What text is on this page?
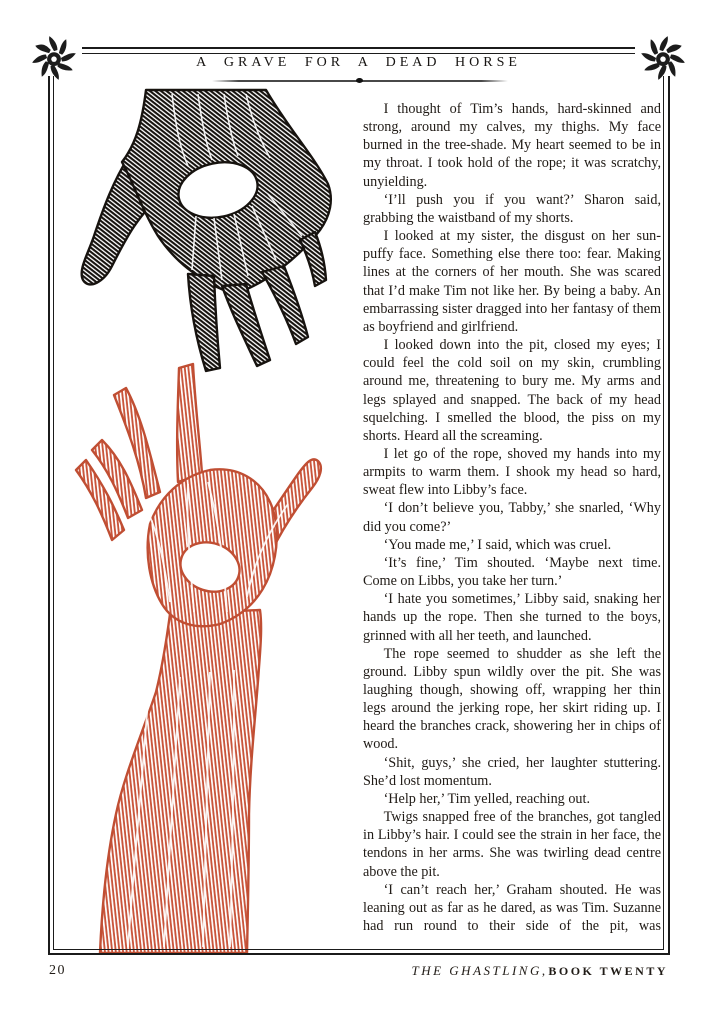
A GRAVE FOR A DEAD HORSE

I thought of Tim’s hands, hard-skinned and strong, around my calves, my thighs. My face burned in the tree-shade. My heart seemed to be in my throat. I took hold of the rope; it was scratchy, unyielding.

‘I’ll push you if you want?’ Sharon said, grabbing the waistband of my shorts.

I looked at my sister, the disgust on her sun-puffy face. Something else there too: fear. Making lines at the corners of her mouth. She was scared that I’d make Tim not like her. By being a baby. An embarrassing sister dragged into her fantasy of them as boyfriend and girlfriend.

I looked down into the pit, closed my eyes; I could feel the cold soil on my skin, crumbling around me, threatening to bury me. My arms and legs splayed and snapped. The back of my head squelching. I smelled the blood, the piss on my shorts. Heard all the screaming.

I let go of the rope, shoved my hands into my armpits to warm them. I shook my head so hard, sweat flew into Libby’s face.

‘I don’t believe you, Tabby,’ she snarled, ‘Why did you come?’

‘You made me,’ I said, which was cruel.

‘It’s fine,’ Tim shouted. ‘Maybe next time. Come on Libbs, you take her turn.’

‘I hate you sometimes,’ Libby said, snaking her hands up the rope. Then she turned to the boys, grinned with all her teeth, and launched.

The rope seemed to shudder as she left the ground. Libby spun wildly over the pit. She was laughing though, showing off, wrapping her thin legs around the jerking rope, her skirt riding up. I heard the branches crack, showering her in chips of wood.

‘Shit, guys,’ she cried, her laughter stuttering. She’d lost momentum.

‘Help her,’ Tim yelled, reaching out.

Twigs snapped free of the branches, got tangled in Libby’s hair. I could see the strain in her face, the tendons in her arms. She was twirling dead centre above the pit.

‘I can’t reach her,’ Graham shouted. He was leaning out as far as he dared, as was Tim. Suzanne had run round to their side of the pit, was

20	THE GHASTLING, BOOK TWENTY
